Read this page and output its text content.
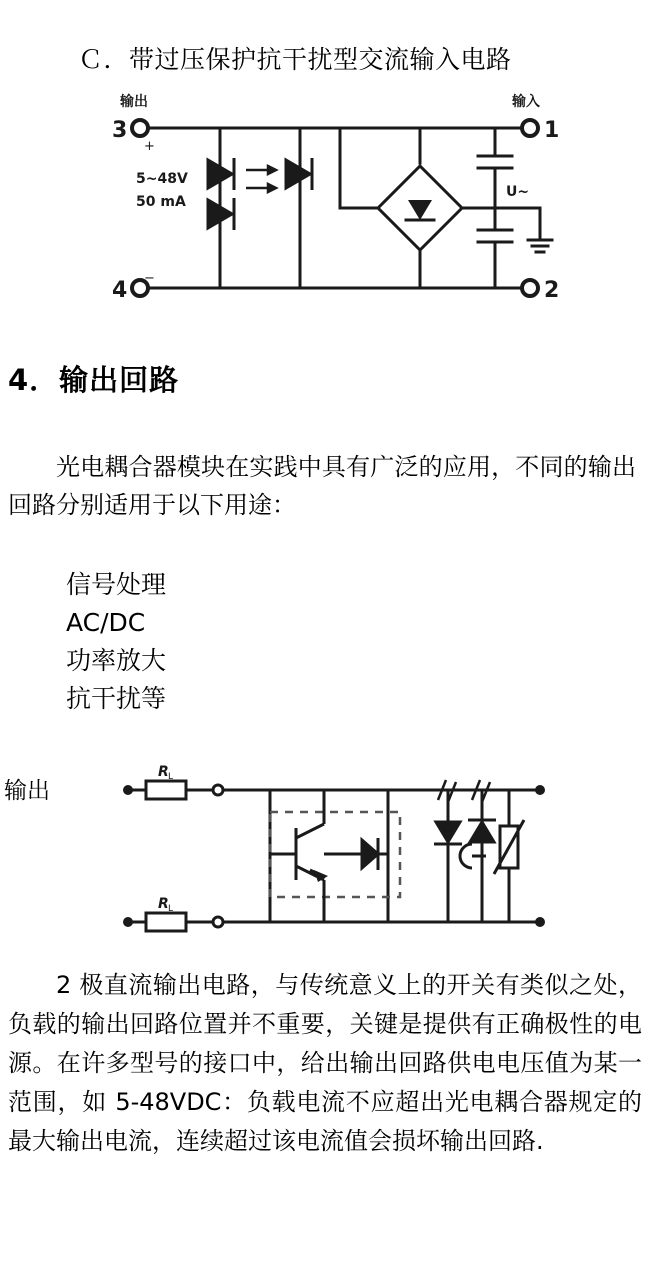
Ｃ．带过压保护抗干扰型交流输入电路
3
4
1
2
输出	输入
5~48V
50 mA
U~
+
−
4．输出回路
光电耦合器模块在实践中具有广泛的应用，不同的输出回路分别适用于以下用途：
信号处理
AC/DC
功率放大
抗干扰等
输出
R
R
L
L
2 极直流输出电路，与传统意义上的开关有类似之处，负载的输出回路位置并不重要，关键是提供有正确极性的电源。在许多型号的接口中，给出输出回路供电电压值为某一范围，如 5-48VDC：负载电流不应超出光电耦合器规定的最大输出电流，连续超过该电流值会损坏输出回路.
